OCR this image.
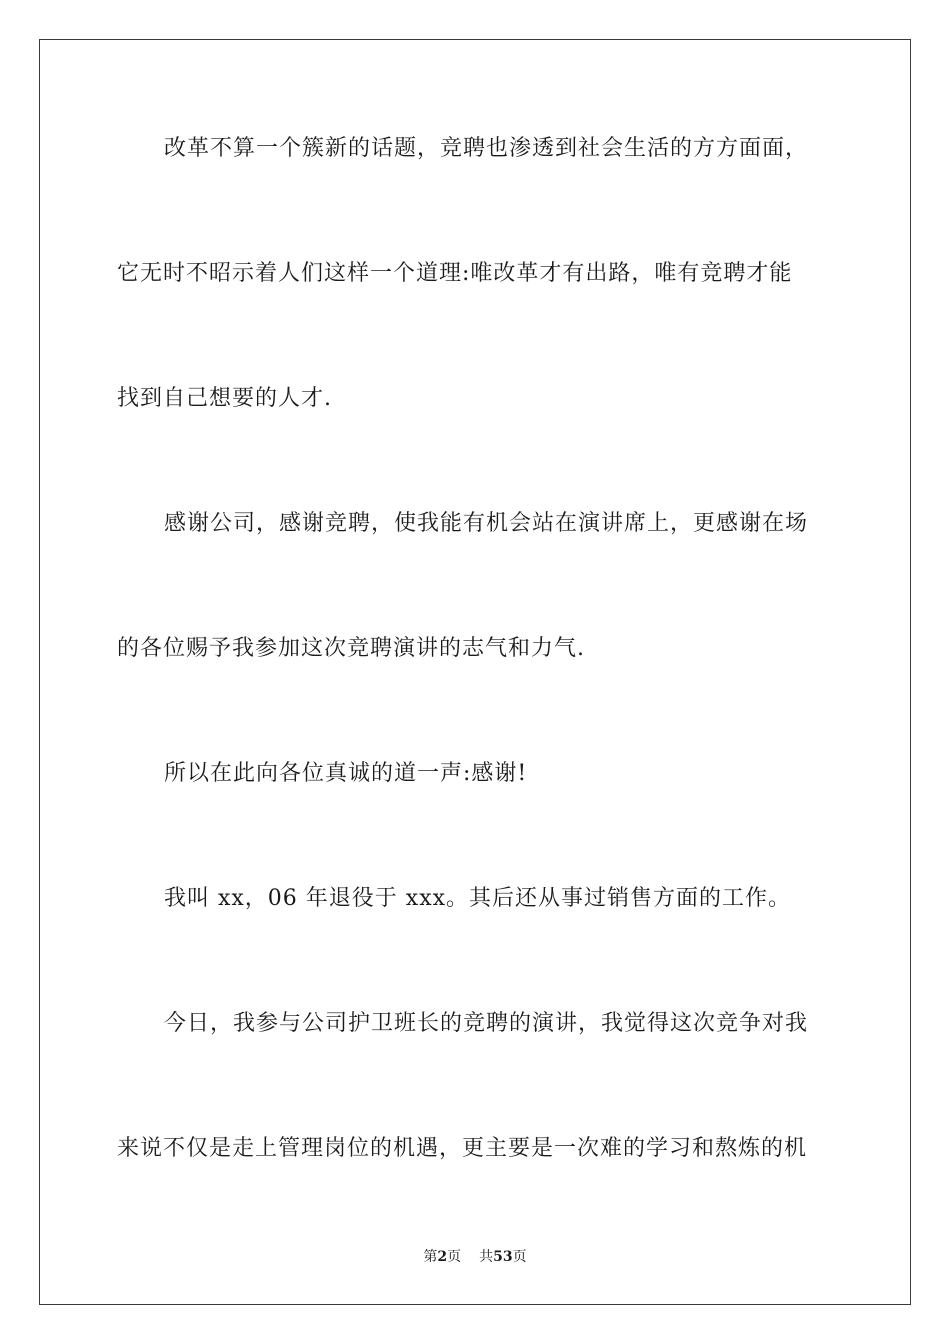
改革不算一个簇新的话题，竞聘也渗透到社会生活的方方面面，
它无时不昭示着人们这样一个道理:唯改革才有出路，唯有竞聘才能
找到自己想要的人才.
感谢公司，感谢竞聘，使我能有机会站在演讲席上，更感谢在场
的各位赐予我参加这次竞聘演讲的志气和力气.
所以在此向各位真诚的道一声:感谢!
我叫 xx，06 年退役于 xxx。其后还从事过销售方面的工作。
今日，我参与公司护卫班长的竞聘的演讲，我觉得这次竞争对我
来说不仅是走上管理岗位的机遇，更主要是一次难的学习和熬炼的机
第2页 共53页
